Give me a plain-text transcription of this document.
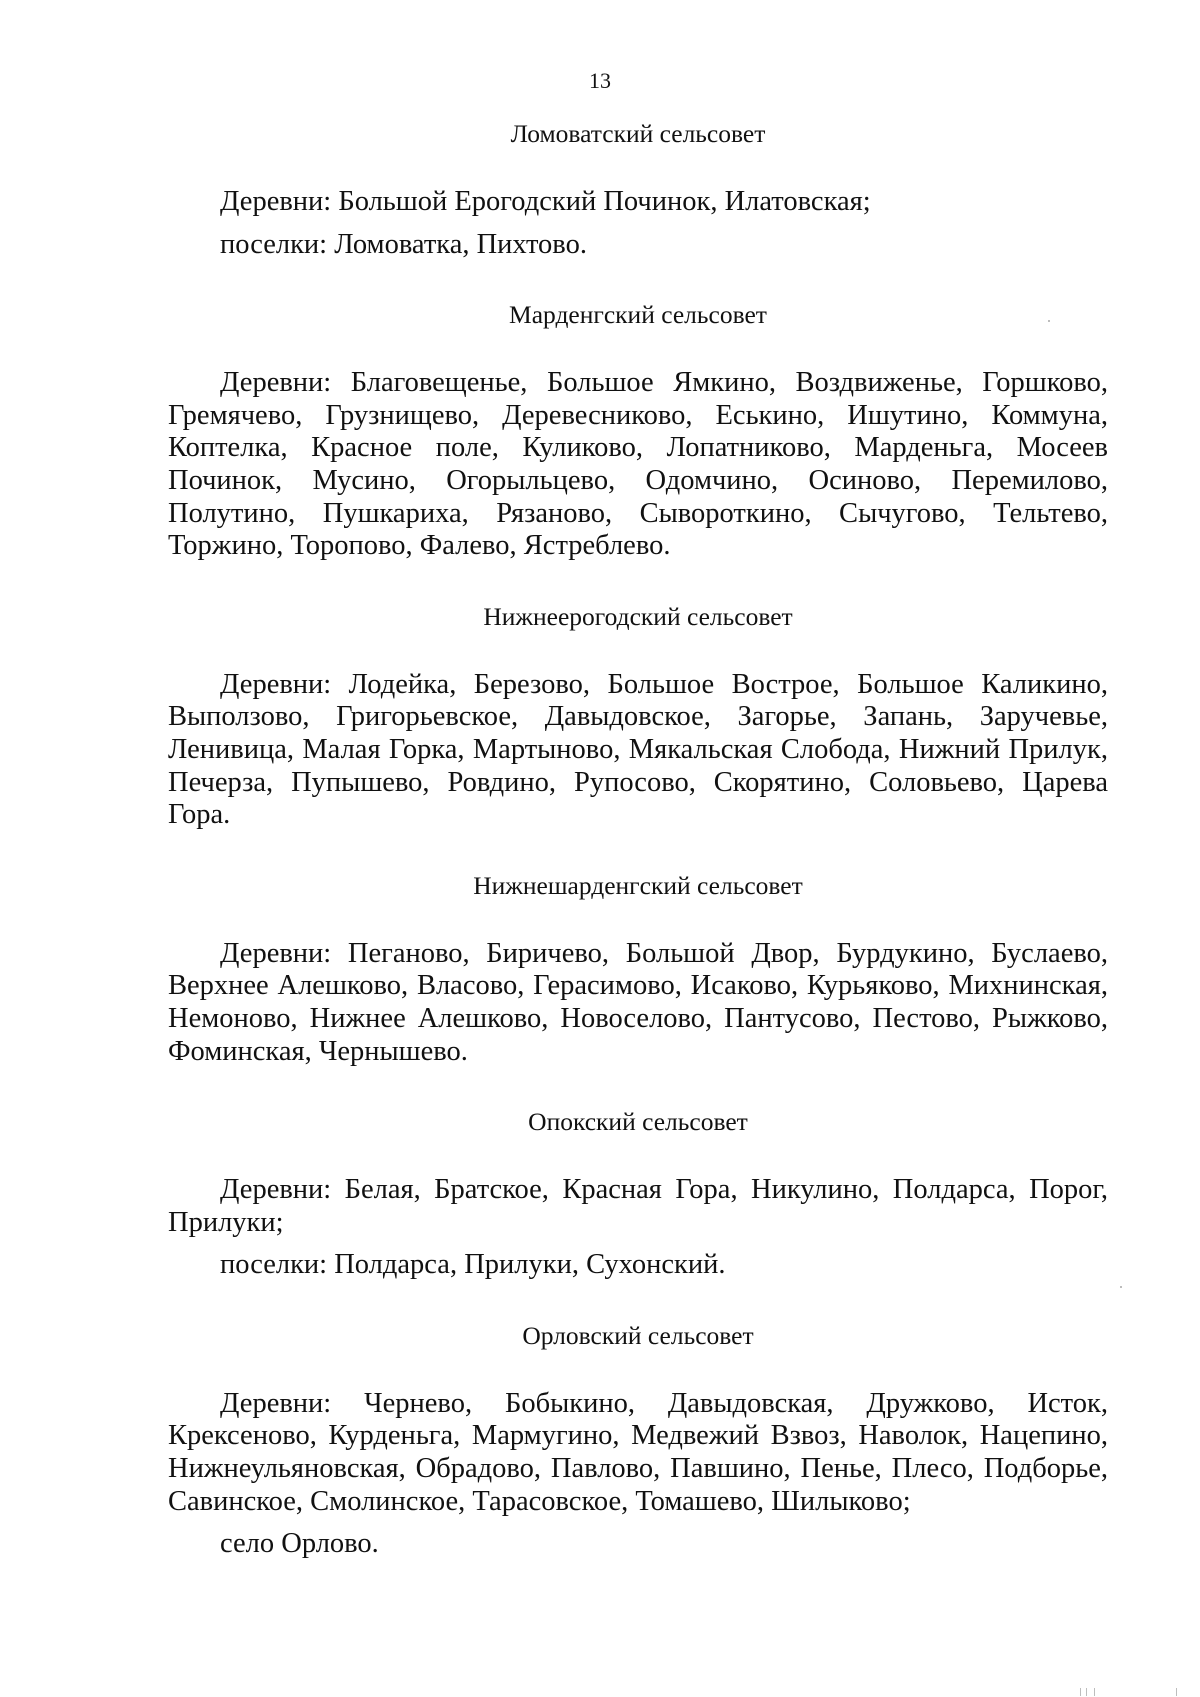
13
Ломоватский сельсовет

Деревни: Большой Ерогодский Починок, Илатовская;

поселки: Ломоватка, Пихтово.

Марденгский сельсовет

Деревни: Благовещенье, Большое Ямкино, Воздвиженье, Горшково, Гремячево, Грузнищево, Деревесниково, Еськино, Ишутино, Коммуна, Коптелка, Красное поле, Куликово, Лопатниково, Марденьга, Мосеев Починок, Мусино, Огорыльцево, Одомчино, Осиново, Перемилово, Полутино, Пушкариха, Рязаново, Сывороткино, Сычугово, Тельтево, Торжино, Торопово, Фалево, Ястреблево.

Нижнеерогодский сельсовет

Деревни: Лодейка, Березово, Большое Вострое, Большое Каликино, Выползово, Григорьевское, Давыдовское, Загорье, Запань, Заручевье, Ленивица, Малая Горка, Мартыново, Мякальская Слобода, Нижний Прилук, Печерза, Пупышево, Ровдино, Рупосово, Скорятино, Соловьево, Царева Гора.

Нижнешарденгский сельсовет

Деревни: Пеганово, Биричево, Большой Двор, Бурдукино, Буслаево, Верхнее Алешково, Власово, Герасимово, Исаково, Курьяково, Михнинская, Немоново, Нижнее Алешково, Новоселово, Пантусово, Пестово, Рыжково, Фоминская, Чернышево.

Опокский сельсовет

Деревни: Белая, Братское, Красная Гора, Никулино, Полдарса, Порог, Прилуки;

поселки: Полдарса, Прилуки, Сухонский.

Орловский сельсовет

Деревни: Чернево, Бобыкино, Давыдовская, Дружково, Исток, Крексеново, Курденьга, Мармугино, Медвежий Взвоз, Наволок, Нацепино, Нижнеульяновская, Обрадово, Павлово, Павшино, Пенье, Плесо, Подборье, Савинское, Смолинское, Тарасовское, Томашево, Шилыково;

село Орлово.
